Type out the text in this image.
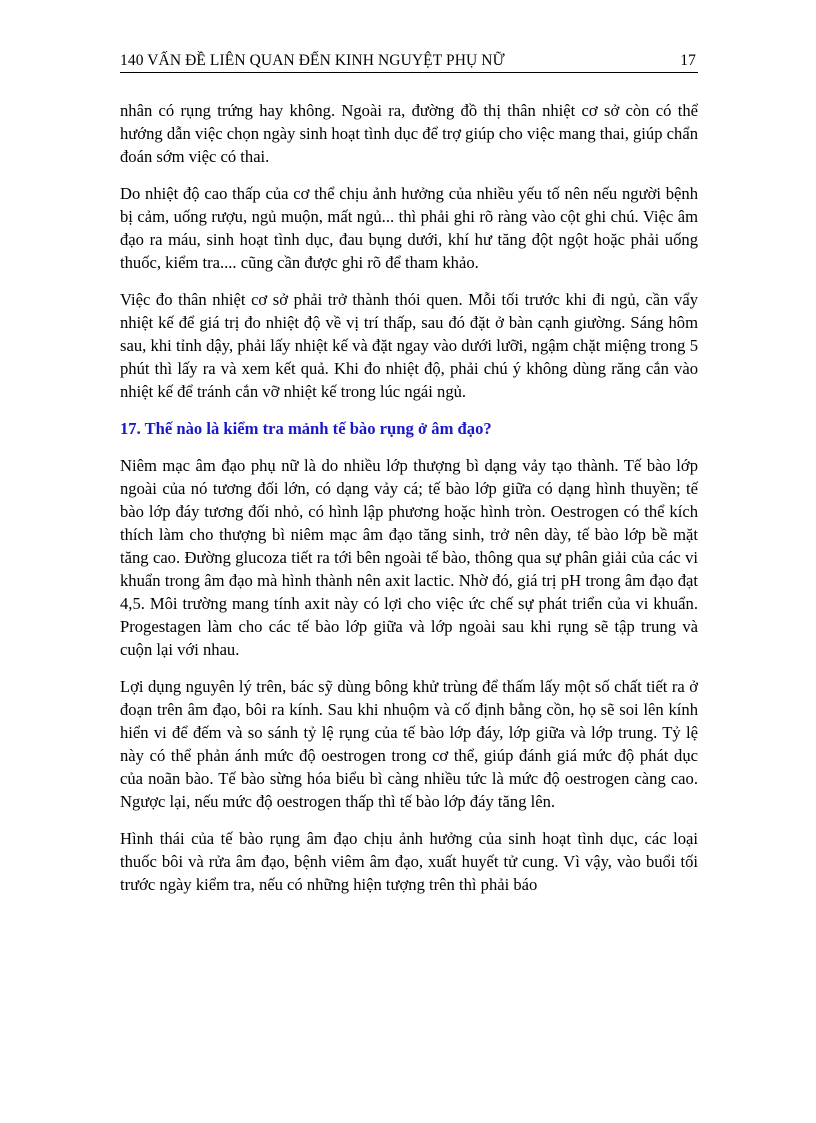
140 VẤN ĐỀ LIÊN QUAN ĐẾN KINH NGUYỆT PHỤ NỮ	17

nhân có rụng trứng hay không. Ngoài ra, đường đồ thị thân nhiệt cơ sở còn có thể hướng dẫn việc chọn ngày sinh hoạt tình dục để trợ giúp cho việc mang thai, giúp chẩn đoán sớm việc có thai.

Do nhiệt độ cao thấp của cơ thể chịu ảnh hưởng của nhiều yếu tố nên nếu người bệnh bị cảm, uống rượu, ngủ muộn, mất ngủ... thì phải ghi rõ ràng vào cột ghi chú. Việc âm đạo ra máu, sinh hoạt tình dục, đau bụng dưới, khí hư tăng đột ngột hoặc phải uống thuốc, kiểm tra.... cũng cần được ghi rõ để tham khảo.

Việc đo thân nhiệt cơ sở phải trở thành thói quen. Mỗi tối trước khi đi ngủ, cần vẩy nhiệt kế để giá trị đo nhiệt độ về vị trí thấp, sau đó đặt ở bàn cạnh giường. Sáng hôm sau, khi tỉnh dậy, phải lấy nhiệt kế và đặt ngay vào dưới lưỡi, ngậm chặt miệng trong 5 phút thì lấy ra và xem kết quả. Khi đo nhiệt độ, phải chú ý không dùng răng cắn vào nhiệt kế để tránh cắn vỡ nhiệt kế trong lúc ngái ngủ.

17. Thế nào là kiểm tra mảnh tế bào rụng ở âm đạo?

Niêm mạc âm đạo phụ nữ là do nhiều lớp thượng bì dạng vảy tạo thành. Tế bào lớp ngoài của nó tương đối lớn, có dạng vảy cá; tế bào lớp giữa có dạng hình thuyền; tế bào lớp đáy tương đối nhỏ, có hình lập phương hoặc hình tròn. Oestrogen có thể kích thích làm cho thượng bì niêm mạc âm đạo tăng sinh, trở nên dày, tế bào lớp bề mặt tăng cao. Đường glucoza tiết ra tới bên ngoài tế bào, thông qua sự phân giải của các vi khuẩn trong âm đạo mà hình thành nên axit lactic. Nhờ đó, giá trị pH trong âm đạo đạt 4,5. Môi trường mang tính axit này có lợi cho việc ức chế sự phát triển của vi khuẩn. Progestagen làm cho các tế bào lớp giữa và lớp ngoài sau khi rụng sẽ tập trung và cuộn lại với nhau.

Lợi dụng nguyên lý trên, bác sỹ dùng bông khử trùng để thấm lấy một số chất tiết ra ở đoạn trên âm đạo, bôi ra kính. Sau khi nhuộm và cố định bằng cồn, họ sẽ soi lên kính hiển vi để đếm và so sánh tỷ lệ rụng của tế bào lớp đáy, lớp giữa và lớp trung. Tỷ lệ này có thể phản ánh mức độ oestrogen trong cơ thể, giúp đánh giá mức độ phát dục của noãn bào. Tế bào sừng hóa biểu bì càng nhiều tức là mức độ oestrogen càng cao. Ngược lại, nếu mức độ oestrogen thấp thì tế bào lớp đáy tăng lên.

Hình thái của tế bào rụng âm đạo chịu ảnh hưởng của sinh hoạt tình dục, các loại thuốc bôi và rửa âm đạo, bệnh viêm âm đạo, xuất huyết tử cung. Vì vậy, vào buổi tối trước ngày kiểm tra, nếu có những hiện tượng trên thì phải báo
